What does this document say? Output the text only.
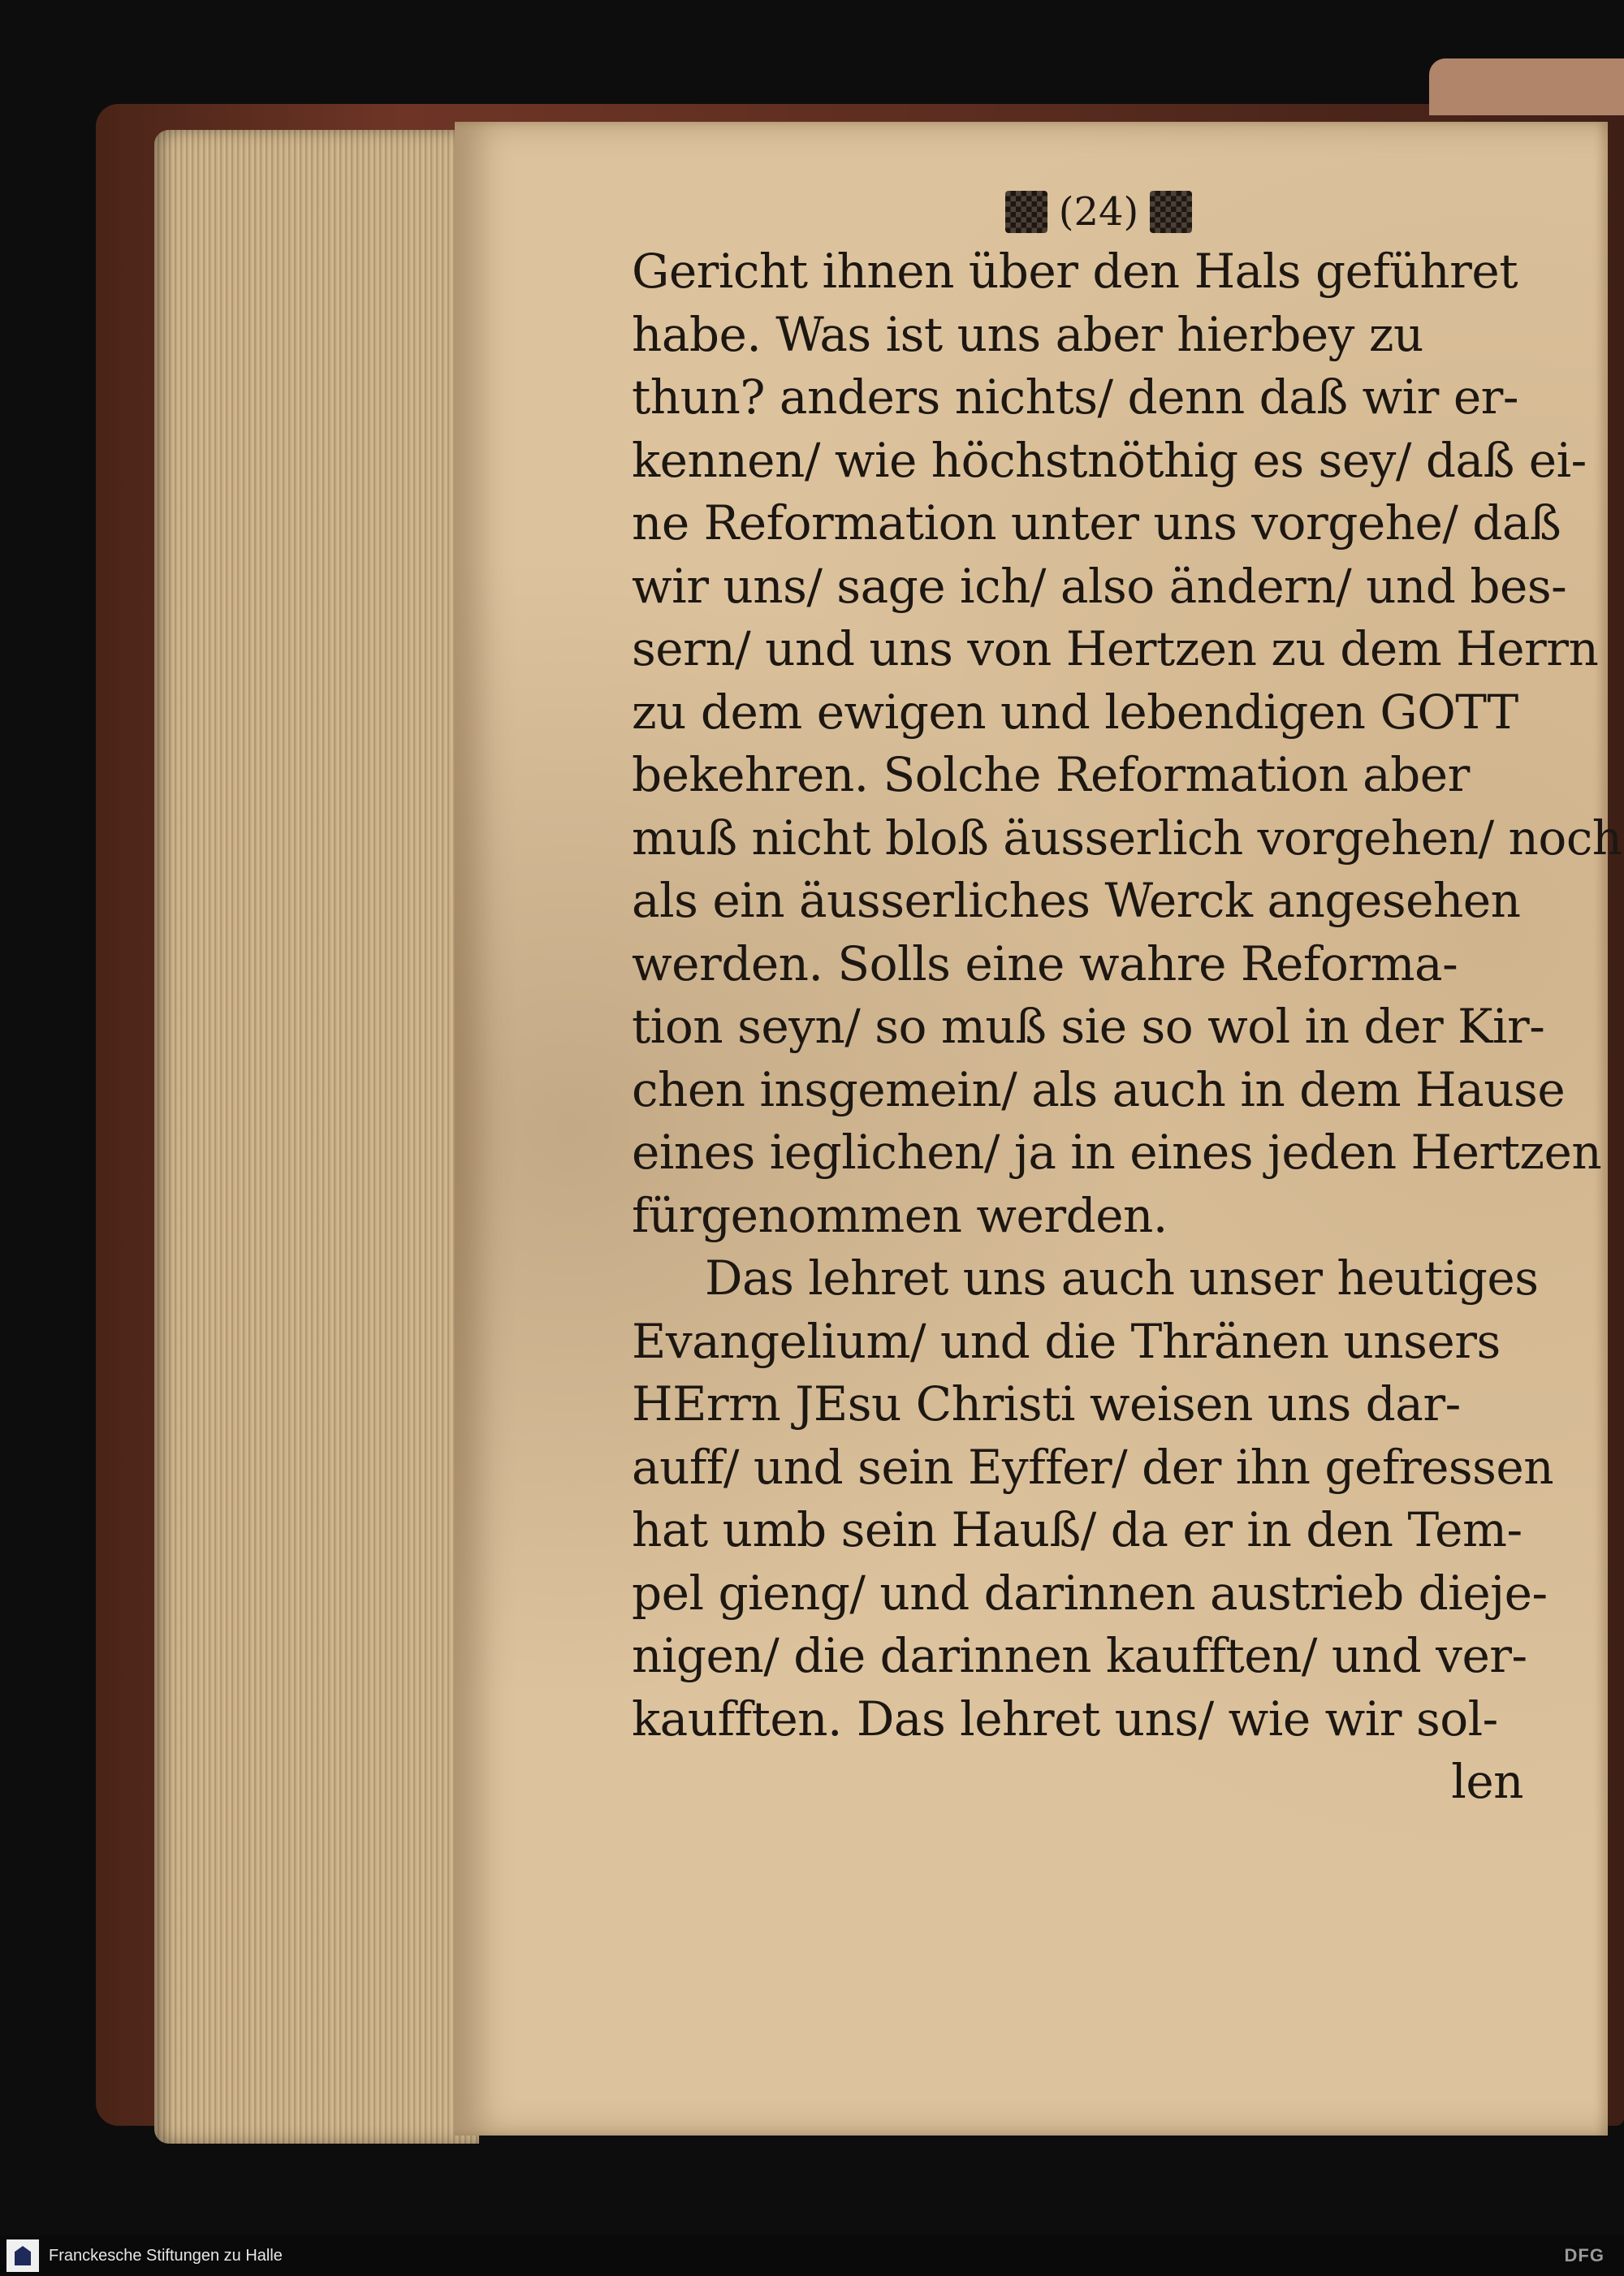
(24)
Gericht ihnen über den Hals geführet
habe. Was ist uns aber hierbey zu
thun? anders nichts/ denn daß wir er-
kennen/ wie höchstnöthig es sey/ daß ei-
ne Reformation unter uns vorgehe/ daß
wir uns/ sage ich/ also ändern/ und bes-
sern/ und uns von Hertzen zu dem Herrn
zu dem ewigen und lebendigen GOTT
bekehren. Solche Reformation aber
muß nicht bloß äusserlich vorgehen/ noch
als ein äusserliches Werck angesehen
werden. Solls eine wahre Reforma-
tion seyn/ so muß sie so wol in der Kir-
chen insgemein/ als auch in dem Hause
eines ieglichen/ ja in eines jeden Hertzen
fürgenommen werden.
Das lehret uns auch unser heutiges
Evangelium/ und die Thränen unsers
HErrn JEsu Christi weisen uns dar-
auff/ und sein Eyffer/ der ihn gefressen
hat umb sein Hauß/ da er in den Tem-
pel gieng/ und darinnen austrieb dieje-
nigen/ die darinnen kaufften/ und ver-
kaufften. Das lehret uns/ wie wir sol-
len
Franckesche Stiftungen zu Halle	DFG
